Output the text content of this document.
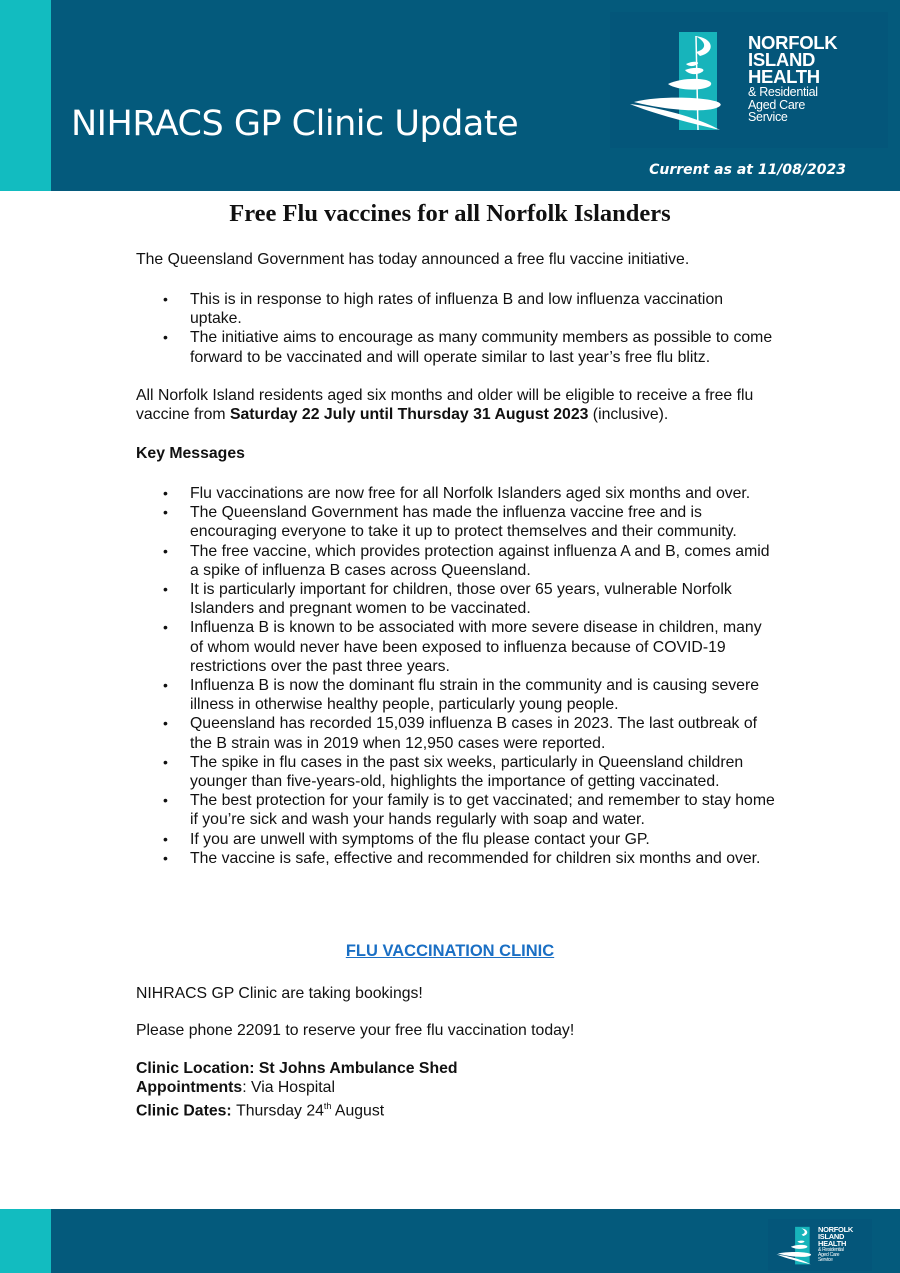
NIHRACS GP Clinic Update
NORFOLK
ISLAND
HEALTH
& Residential
Aged Care Service
Current as at 11/08/2023
Free Flu vaccines for all Norfolk Islanders
The Queensland Government has today announced a free flu vaccine initiative.
• This is in response to high rates of influenza B and low influenza vaccination uptake.
• The initiative aims to encourage as many community members as possible to come forward to be vaccinated and will operate similar to last year’s free flu blitz.
All Norfolk Island residents aged six months and older will be eligible to receive a free flu vaccine from Saturday 22 July until Thursday 31 August 2023 (inclusive).
Key Messages
• Flu vaccinations are now free for all Norfolk Islanders aged six months and over.
• The Queensland Government has made the influenza vaccine free and is encouraging everyone to take it up to protect themselves and their community.
• The free vaccine, which provides protection against influenza A and B, comes amid a spike of influenza B cases across Queensland.
• It is particularly important for children, those over 65 years, vulnerable Norfolk Islanders and pregnant women to be vaccinated.
• Influenza B is known to be associated with more severe disease in children, many of whom would never have been exposed to influenza because of COVID-19 restrictions over the past three years.
• Influenza B is now the dominant flu strain in the community and is causing severe illness in otherwise healthy people, particularly young people.
• Queensland has recorded 15,039 influenza B cases in 2023. The last outbreak of the B strain was in 2019 when 12,950 cases were reported.
• The spike in flu cases in the past six weeks, particularly in Queensland children younger than five-years-old, highlights the importance of getting vaccinated.
• The best protection for your family is to get vaccinated; and remember to stay home if you’re sick and wash your hands regularly with soap and water.
• If you are unwell with symptoms of the flu please contact your GP.
• The vaccine is safe, effective and recommended for children six months and over.
FLU VACCINATION CLINIC
NIHRACS GP Clinic are taking bookings!
Please phone 22091 to reserve your free flu vaccination today!
Clinic Location: St Johns Ambulance Shed
Appointments: Via Hospital
Clinic Dates: Thursday 24th August
NORFOLK
ISLAND
HEALTH
& Residential
Aged Care Service
